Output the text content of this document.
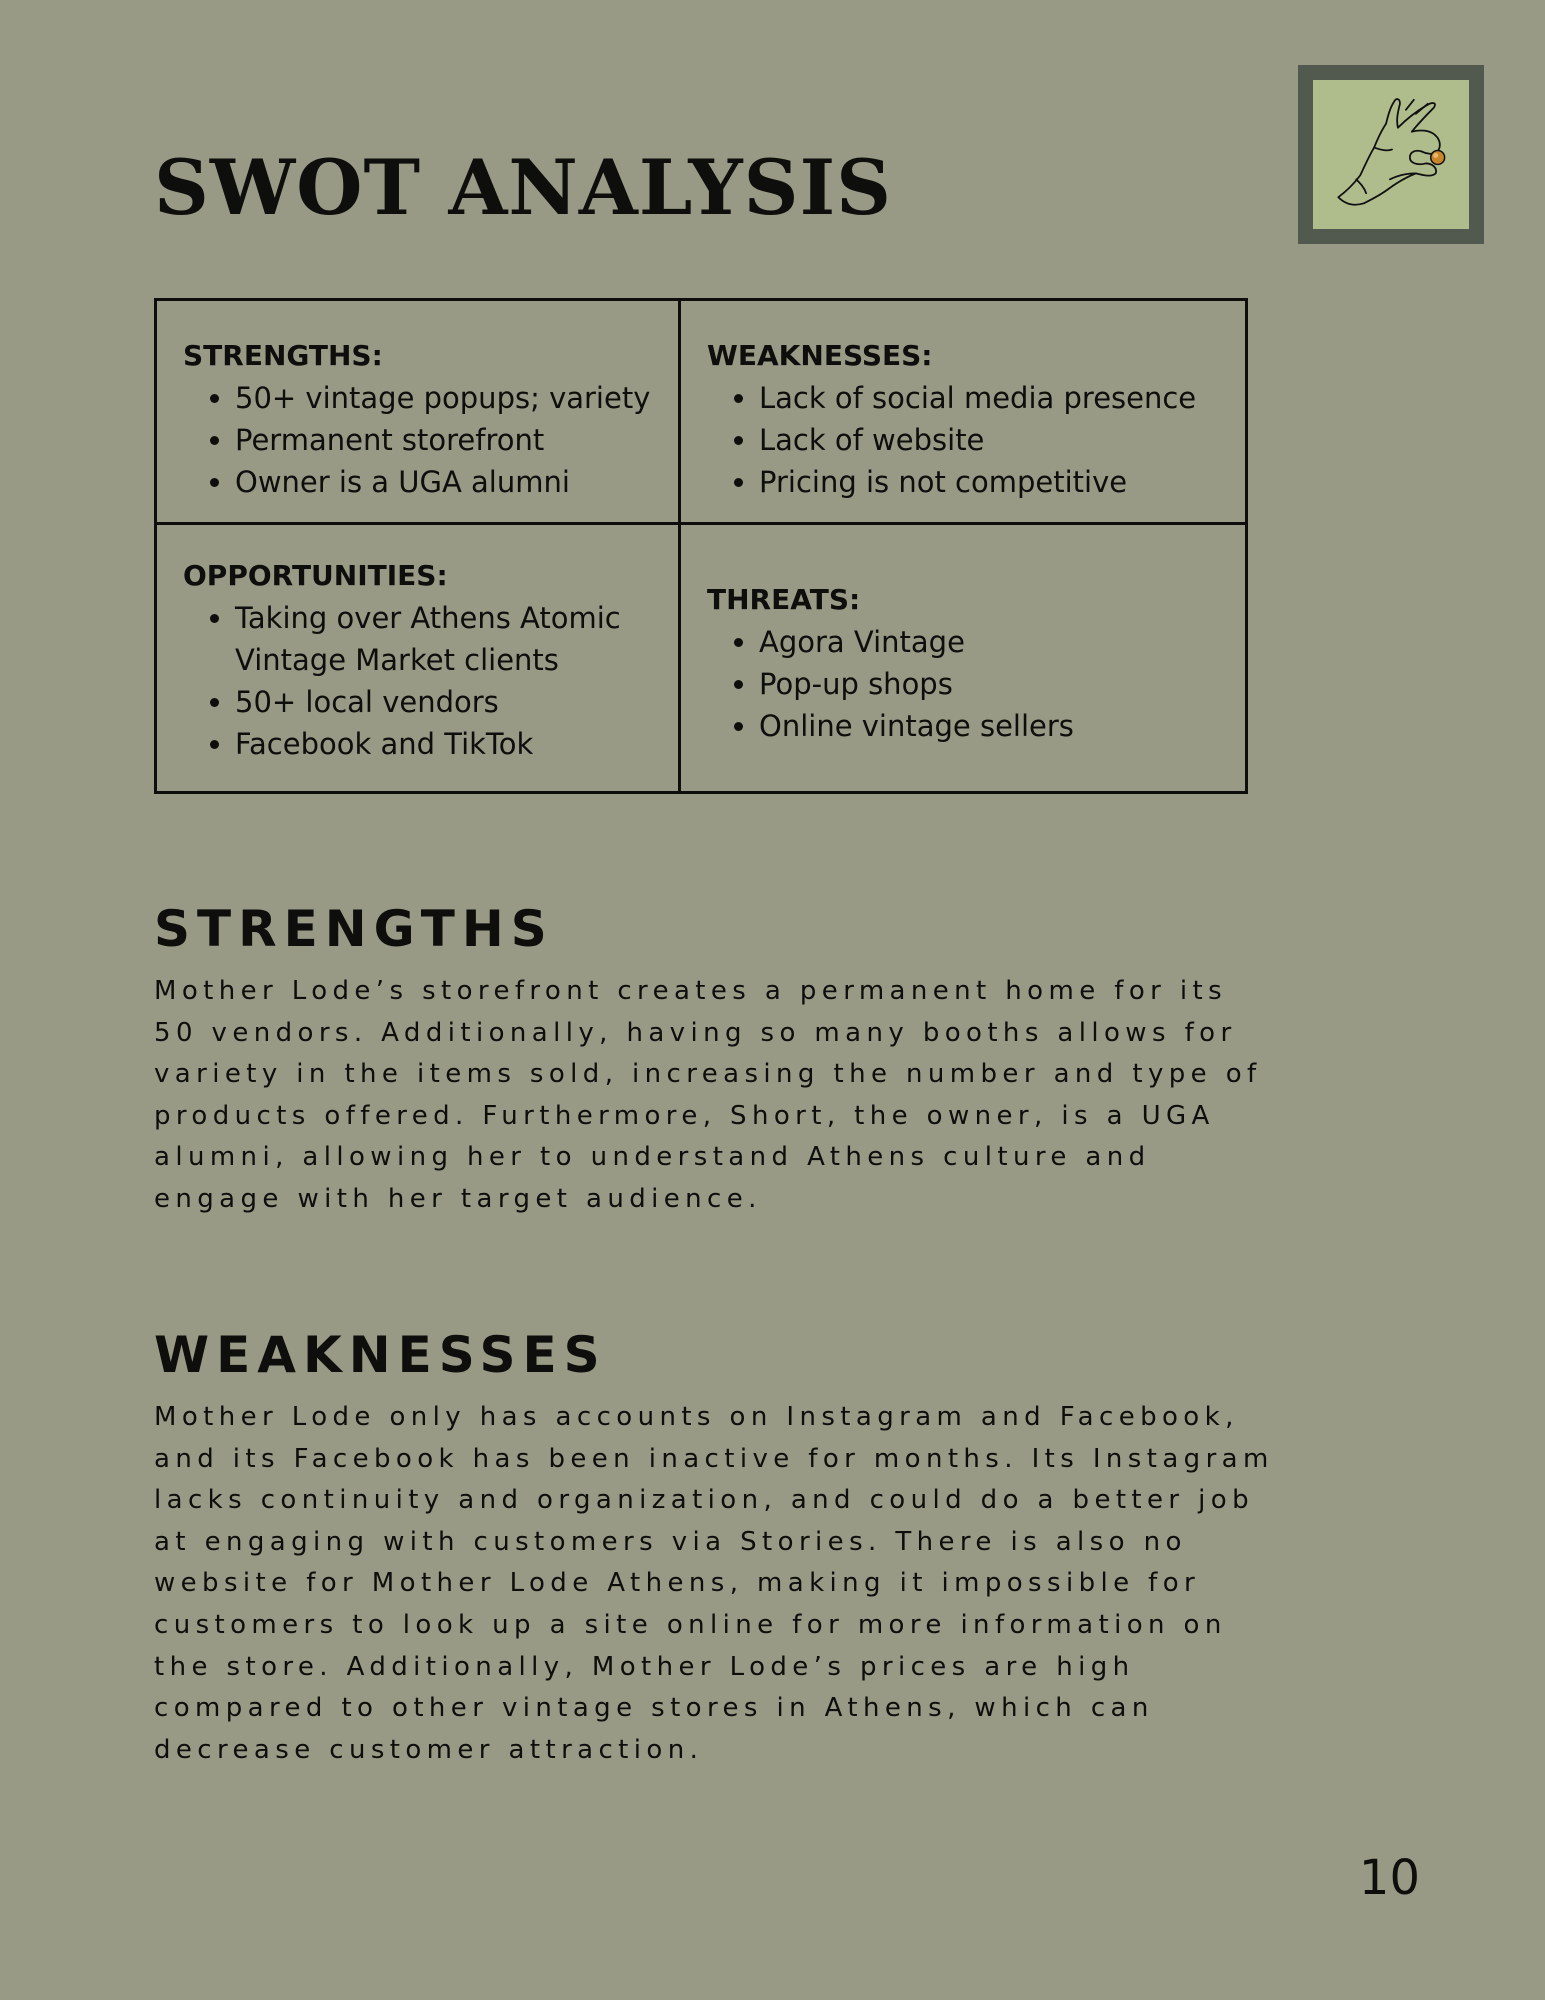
SWOT ANALYSIS

STRENGTHS:

• 50+ vintage popups; variety
• Permanent storefront
• Owner is a UGA alumni

WEAKNESSES:

• Lack of social media presence
• Lack of website
• Pricing is not competitive

OPPORTUNITIES:

• Taking over Athens Atomic Vintage Market clients
• 50+ local vendors
• Facebook and TikTok

THREATS:

• Agora Vintage
• Pop-up shops
• Online vintage sellers
STRENGTHS

Mother Lode’s storefront creates a permanent home for its 50 vendors. Additionally, having so many booths allows for variety in the items sold, increasing the number and type of products offered. Furthermore, Short, the owner, is a UGA alumni, allowing her to understand Athens culture and engage with her target audience.

WEAKNESSES

Mother Lode only has accounts on Instagram and Facebook, and its Facebook has been inactive for months. Its Instagram lacks continuity and organization, and could do a better job at engaging with customers via Stories. There is also no website for Mother Lode Athens, making it impossible for customers to look up a site online for more information on the store. Additionally, Mother Lode’s prices are high compared to other vintage stores in Athens, which can decrease customer attraction.

10
